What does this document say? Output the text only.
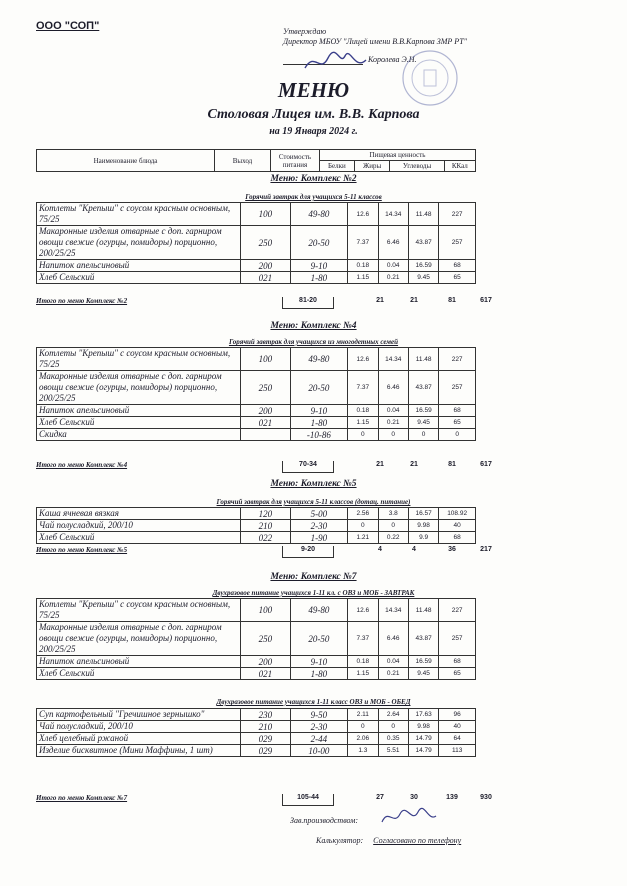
ООО "СОП"	Утверждаю
Директор МБОУ "Лицей имени В.В.Карпова ЗМР РТ"
Королева Э.Н.
МЕНЮ
Столовая Лицея им. В.В. Карпова
на 19 Января 2024 г.
Наименование блюда	Выход	Стоимость питания	Пищевая ценность			
			Белки	Жиры	Углеводы	ККал
Меню: Комплекс №2
Горячий завтрак для учащихся 5-11 классов
Котлеты "Крепыш" с соусом красным основным, 75/25	100	49-80	12.6	14.34	11.48	227
Макаронные изделия отварные с доп. гарниром овощи свежие (огурцы, помидоры) порционно, 200/25/25	250	20-50	7.37	6.46	43.87	257
Напиток апельсиновый	200	9-10	0.18	0.04	16.59	68
Хлеб Сельский	021	1-80	1.15	0.21	9.45	65
Итого по меню Комплекс №2	81-20	21	21	81	617
Меню: Комплекс №4
Горячий завтрак для учащихся из многодетных семей
Котлеты "Крепыш" с соусом красным основным, 75/25	100	49-80	12.6	14.34	11.48	227
Макаронные изделия отварные с доп. гарниром овощи свежие (огурцы, помидоры) порционно, 200/25/25	250	20-50	7.37	6.46	43.87	257
Напиток апельсиновый	200	9-10	0.18	0.04	16.59	68
Хлеб Сельский	021	1-80	1.15	0.21	9.45	65
Скидка		-10-86	0	0	0	0
Итого по меню Комплекс №4	70-34	21	21	81	617
Меню: Комплекс №5
Горячий завтрак для учащихся 5-11 классов (дотац. питание)
Каша ячневая вязкая	120	5-00	2.56	3.8	16.57	108.92
Чай полусладкий, 200/10	210	2-30	0	0	9.98	40
Хлеб Сельский	022	1-90	1.21	0.22	9.9	68
Итого по меню Комплекс №5	9-20	4	4	36	217
Меню: Комплекс №7
Двухразовое питание учащихся 1-11 кл. с ОВЗ и МОБ - ЗАВТРАК
Котлеты "Крепыш" с соусом красным основным, 75/25	100	49-80	12.6	14.34	11.48	227
Макаронные изделия отварные с доп. гарниром овощи свежие (огурцы, помидоры) порционно, 200/25/25	250	20-50	7.37	6.46	43.87	257
Напиток апельсиновый	200	9-10	0.18	0.04	16.59	68
Хлеб Сельский	021	1-80	1.15	0.21	9.45	65
Двухразовое питание учащихся 1-11 класс ОВЗ и МОБ - ОБЕД
Суп картофельный "Гречишное зернышко"	230	9-50	2.11	2.64	17.63	96
Чай полусладкий, 200/10	210	2-30	0	0	9.98	40
Хлеб целебный ржаной	029	2-44	2.06	0.35	14.79	64
Изделие бисквитное (Мини Маффины, 1 шт)	029	10-00	1.3	5.51	14.79	113
Итого по меню Комплекс №7	105-44	27	30	139	930
Зав.производством:
Калькулятор: Согласовано по телефону
